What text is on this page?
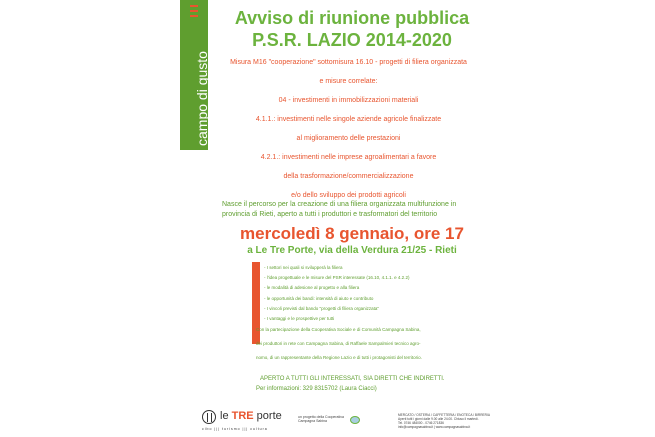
campo di gusto
Avviso di riunione pubblica
P.S.R. LAZIO 2014-2020
Misura M16 "cooperazione" sottomisura 16.10 - progetti di filiera organizzata
e misure correlate:
04 - investimenti in immobilizzazioni materiali
4.1.1.: investimenti nelle singole aziende agricole finalizzate
al miglioramento delle prestazioni
4.2.1.: investimenti nelle imprese agroalimentari a favore
della trasformazione/commercializzazione
e/o dello sviluppo dei prodotti agricoli
Nasce il percorso per la creazione di una filiera organizzata multifunzione in
provincia di Rieti, aperto a tutti i produttori e trasformatori del territorio
mercoledì 8 gennaio, ore 17
a Le Tre Porte, via della Verdura 21/25 - Rieti
- I settori nei quali si svilupperà la filiera
- l'idea progettuale e le misure del PSR interessate (16.10, 4.1.1. e 4.2.2)
- le modalità di adesione al progetto e alla filiera
- le opportunità dei bandi: intensità di aiuto e contributo
- I vincoli previsti dal bando "progetti di filiera organizzata"
- I vantaggi e le prospettive per tutti
Con la partecipazione della Cooperativa Sociale e di Comunità Campagna Sabina,
dei produttori in rete con Campagna Sabina, di Raffaele Sampalmieri tecnico agro-
nomo, di un rappresentante della Regione Lazio e di tutti i protagonisti del territorio.
APERTO A TUTTI GLI INTERESSATI, SIA DIRETTI CHE INDIRETTI.
Per informazioni: 329 8315702 (Laura Ciacci)
le TRE porte
cibo ||| turismo ||| cultura
un progetto della Cooperativa Campagna Sabina
MERCATO / OSTERIA / CAFFETTERIA / ENOTECA / BIRRERIA
Aperti tutti i giorni dalle 9.00 alle 24.00. Chiuso il martedì.
Tel. 0746 484000 - 0746 271836
info@campagnasabina.it | www.campagnasabina.it
